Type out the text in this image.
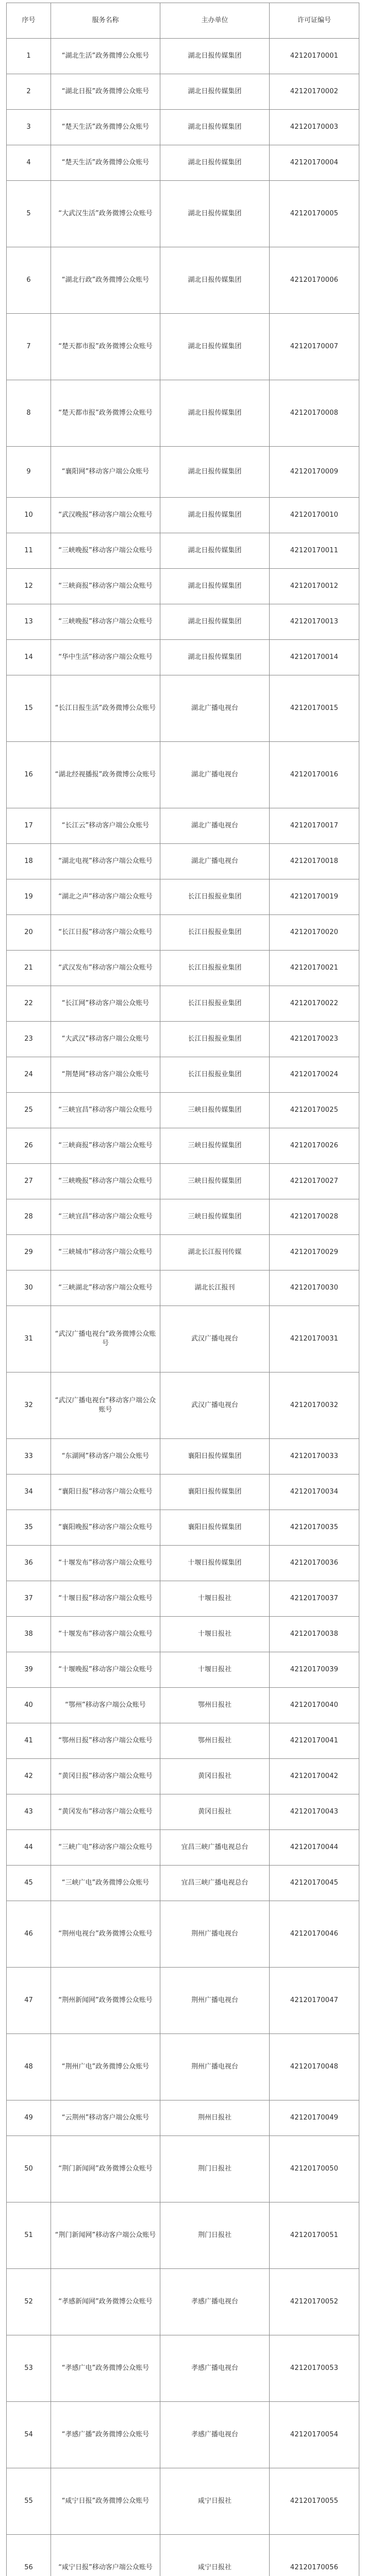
序号	服务名称	主办单位	许可证编号
1	“湖北生活”政务微博公众账号	湖北日报传媒集团	42120170001
2	“湖北日报”政务微博公众账号	湖北日报传媒集团	42120170002
3	“楚天生活”政务微博公众账号	湖北日报传媒集团	42120170003
4	“楚天生活”政务微博公众账号	湖北日报传媒集团	42120170004
5	“大武汉生活”政务微博公众账号	湖北日报传媒集团	42120170005
6	“湖北行政”政务微博公众账号	湖北日报传媒集团	42120170006
7	“楚天都市报”政务微博公众账号	湖北日报传媒集团	42120170007
8	“楚天都市报”政务微博公众账号	湖北日报传媒集团	42120170008
9	“襄阳网”移动客户端公众账号	湖北日报传媒集团	42120170009
10	“武汉晚报”移动客户端公众账号	湖北日报传媒集团	42120170010
11	“三峡晚报”移动客户端公众账号	湖北日报传媒集团	42120170011
12	“三峡商报”移动客户端公众账号	湖北日报传媒集团	42120170012
13	“三峡晚报”移动客户端公众账号	湖北日报传媒集团	42120170013
14	“华中生活”移动客户端公众账号	湖北日报传媒集团	42120170014
15	“长江日报生活”政务微博公众账号	湖北广播电视台	42120170015
16	“湖北经视播报”政务微博公众账号	湖北广播电视台	42120170016
17	“长江云”移动客户端公众账号	湖北广播电视台	42120170017
18	“湖北电视”移动客户端公众账号	湖北广播电视台	42120170018
19	“湖北之声”移动客户端公众账号	长江日报报业集团	42120170019
20	“长江日报”移动客户端公众账号	长江日报报业集团	42120170020
21	“武汉发布”移动客户端公众账号	长江日报报业集团	42120170021
22	“长江网”移动客户端公众账号	长江日报报业集团	42120170022
23	“大武汉”移动客户端公众账号	长江日报报业集团	42120170023
24	“荆楚网”移动客户端公众账号	长江日报报业集团	42120170024
25	“三峡宜昌”移动客户端公众账号	三峡日报传媒集团	42120170025
26	“三峡商报”移动客户端公众账号	三峡日报传媒集团	42120170026
27	“三峡晚报”移动客户端公众账号	三峡日报传媒集团	42120170027
28	“三峡宜昌”移动客户端公众账号	三峡日报传媒集团	42120170028
29	“三峡城市”移动客户端公众账号	湖北长江报刊传媒	42120170029
30	“三峡湖北”移动客户端公众账号	湖北长江报刊	42120170030
31	“武汉广播电视台”政务微博公众账号	武汉广播电视台	42120170031
32	“武汉广播电视台”移动客户端公众账号	武汉广播电视台	42120170032
33	“东湖网”移动客户端公众账号	襄阳日报传媒集团	42120170033
34	“襄阳日报”移动客户端公众账号	襄阳日报传媒集团	42120170034
35	“襄阳晚报”移动客户端公众账号	襄阳日报传媒集团	42120170035
36	“十堰发布”移动客户端公众账号	十堰日报传媒集团	42120170036
37	“十堰日报”移动客户端公众账号	十堰日报社	42120170037
38	“十堰发布”移动客户端公众账号	十堰日报社	42120170038
39	“十堰晚报”移动客户端公众账号	十堰日报社	42120170039
40	“鄂州”移动客户端公众账号	鄂州日报社	42120170040
41	“鄂州日报”移动客户端公众账号	鄂州日报社	42120170041
42	“黄冈日报”移动客户端公众账号	黄冈日报社	42120170042
43	“黄冈发布”移动客户端公众账号	黄冈日报社	42120170043
44	“三峡广电”移动客户端公众账号	宜昌三峡广播电视总台	42120170044
45	“三峡广电”政务微博公众账号	宜昌三峡广播电视总台	42120170045
46	“荆州电视台”政务微博公众账号	荆州广播电视台	42120170046
47	“荆州新闻网”政务微博公众账号	荆州广播电视台	42120170047
48	“荆州广电”政务微博公众账号	荆州广播电视台	42120170048
49	“云荆州”移动客户端公众账号	荆州日报社	42120170049
50	“荆门新闻网”政务微博公众账号	荆门日报社	42120170050
51	“荆门新闻网”移动客户端公众账号	荆门日报社	42120170051
52	“孝感新闻网”政务微博公众账号	孝感广播电视台	42120170052
53	“孝感广电”政务微博公众账号	孝感广播电视台	42120170053
54	“孝感广播”政务微博公众账号	孝感广播电视台	42120170054
55	“咸宁日报”政务微博公众账号	咸宁日报社	42120170055
56	“咸宁日报”移动客户端公众账号	咸宁日报社	42120170056
